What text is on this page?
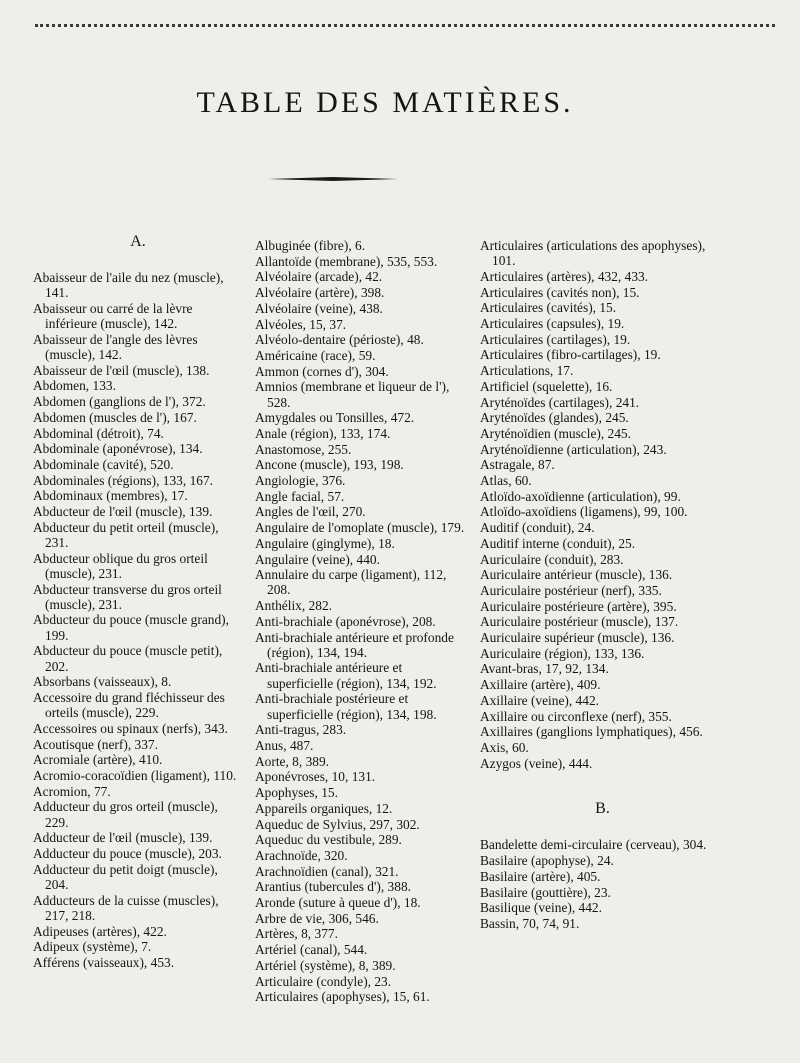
TABLE DES MATIÈRES.
A.
Abaisseur de l'aile du nez (muscle), 141.
Abaisseur ou carré de la lèvre inférieure (muscle), 142.
Abaisseur de l'angle des lèvres (muscle), 142.
Abaisseur de l'œil (muscle), 138.
Abdomen, 133.
Abdomen (ganglions de l'), 372.
Abdomen (muscles de l'), 167.
Abdominal (détroit), 74.
Abdominale (aponévrose), 134.
Abdominale (cavité), 520.
Abdominales (régions), 133, 167.
Abdominaux (membres), 17.
Abducteur de l'œil (muscle), 139.
Abducteur du petit orteil (muscle), 231.
Abducteur oblique du gros orteil (muscle), 231.
Abducteur transverse du gros orteil (muscle), 231.
Abducteur du pouce (muscle grand), 199.
Abducteur du pouce (muscle petit), 202.
Absorbans (vaisseaux), 8.
Accessoire du grand fléchisseur des orteils (muscle), 229.
Accessoires ou spinaux (nerfs), 343.
Acoutisque (nerf), 337.
Acromiale (artère), 410.
Acromio-coracoïdien (ligament), 110.
Acromion, 77.
Adducteur du gros orteil (muscle), 229.
Adducteur de l'œil (muscle), 139.
Adducteur du pouce (muscle), 203.
Adducteur du petit doigt (muscle), 204.
Adducteurs de la cuisse (muscles), 217, 218.
Adipeuses (artères), 422.
Adipeux (système), 7.
Afférens (vaisseaux), 453.
Albuginée (fibre), 6.
Allantoïde (membrane), 535, 553.
Alvéolaire (arcade), 42.
Alvéolaire (artère), 398.
Alvéolaire (veine), 438.
Alvéoles, 15, 37.
Alvéolo-dentaire (périoste), 48.
Américaine (race), 59.
Ammon (cornes d'), 304.
Amnios (membrane et liqueur de l'), 528.
Amygdales ou Tonsilles, 472.
Anale (région), 133, 174.
Anastomose, 255.
Ancone (muscle), 193, 198.
Angiologie, 376.
Angle facial, 57.
Angles de l'œil, 270.
Angulaire de l'omoplate (muscle), 179.
Angulaire (ginglyme), 18.
Angulaire (veine), 440.
Annulaire du carpe (ligament), 112, 208.
Anthélix, 282.
Anti-brachiale (aponévrose), 208.
Anti-brachiale antérieure et profonde (région), 134, 194.
Anti-brachiale antérieure et superficielle (région), 134, 192.
Anti-brachiale postérieure et superficielle (région), 134, 198.
Anti-tragus, 283.
Anus, 487.
Aorte, 8, 389.
Aponévroses, 10, 131.
Apophyses, 15.
Appareils organiques, 12.
Aqueduc de Sylvius, 297, 302.
Aqueduc du vestibule, 289.
Arachnoïde, 320.
Arachnoïdien (canal), 321.
Arantius (tubercules d'), 388.
Aronde (suture à queue d'), 18.
Arbre de vie, 306, 546.
Artères, 8, 377.
Artériel (canal), 544.
Artériel (système), 8, 389.
Articulaire (condyle), 23.
Articulaires (apophyses), 15, 61.
Articulaires (articulations des apophyses), 101.
Articulaires (artères), 432, 433.
Articulaires (cavités non), 15.
Articulaires (cavités), 15.
Articulaires (capsules), 19.
Articulaires (cartilages), 19.
Articulaires (fibro-cartilages), 19.
Articulations, 17.
Artificiel (squelette), 16.
Aryténoïdes (cartilages), 241.
Aryténoïdes (glandes), 245.
Aryténoïdien (muscle), 245.
Aryténoïdienne (articulation), 243.
Astragale, 87.
Atlas, 60.
Atloïdo-axoïdienne (articulation), 99.
Atloïdo-axoïdiens (ligamens), 99, 100.
Auditif (conduit), 24.
Auditif interne (conduit), 25.
Auriculaire (conduit), 283.
Auriculaire antérieur (muscle), 136.
Auriculaire postérieur (nerf), 335.
Auriculaire postérieure (artère), 395.
Auriculaire postérieur (muscle), 137.
Auriculaire supérieur (muscle), 136.
Auriculaire (région), 133, 136.
Avant-bras, 17, 92, 134.
Axillaire (artère), 409.
Axillaire (veine), 442.
Axillaire ou circonflexe (nerf), 355.
Axillaires (ganglions lymphatiques), 456.
Axis, 60.
Azygos (veine), 444.
B.
Bandelette demi-circulaire (cerveau), 304.
Basilaire (apophyse), 24.
Basilaire (artère), 405.
Basilaire (gouttière), 23.
Basilique (veine), 442.
Bassin, 70, 74, 91.
